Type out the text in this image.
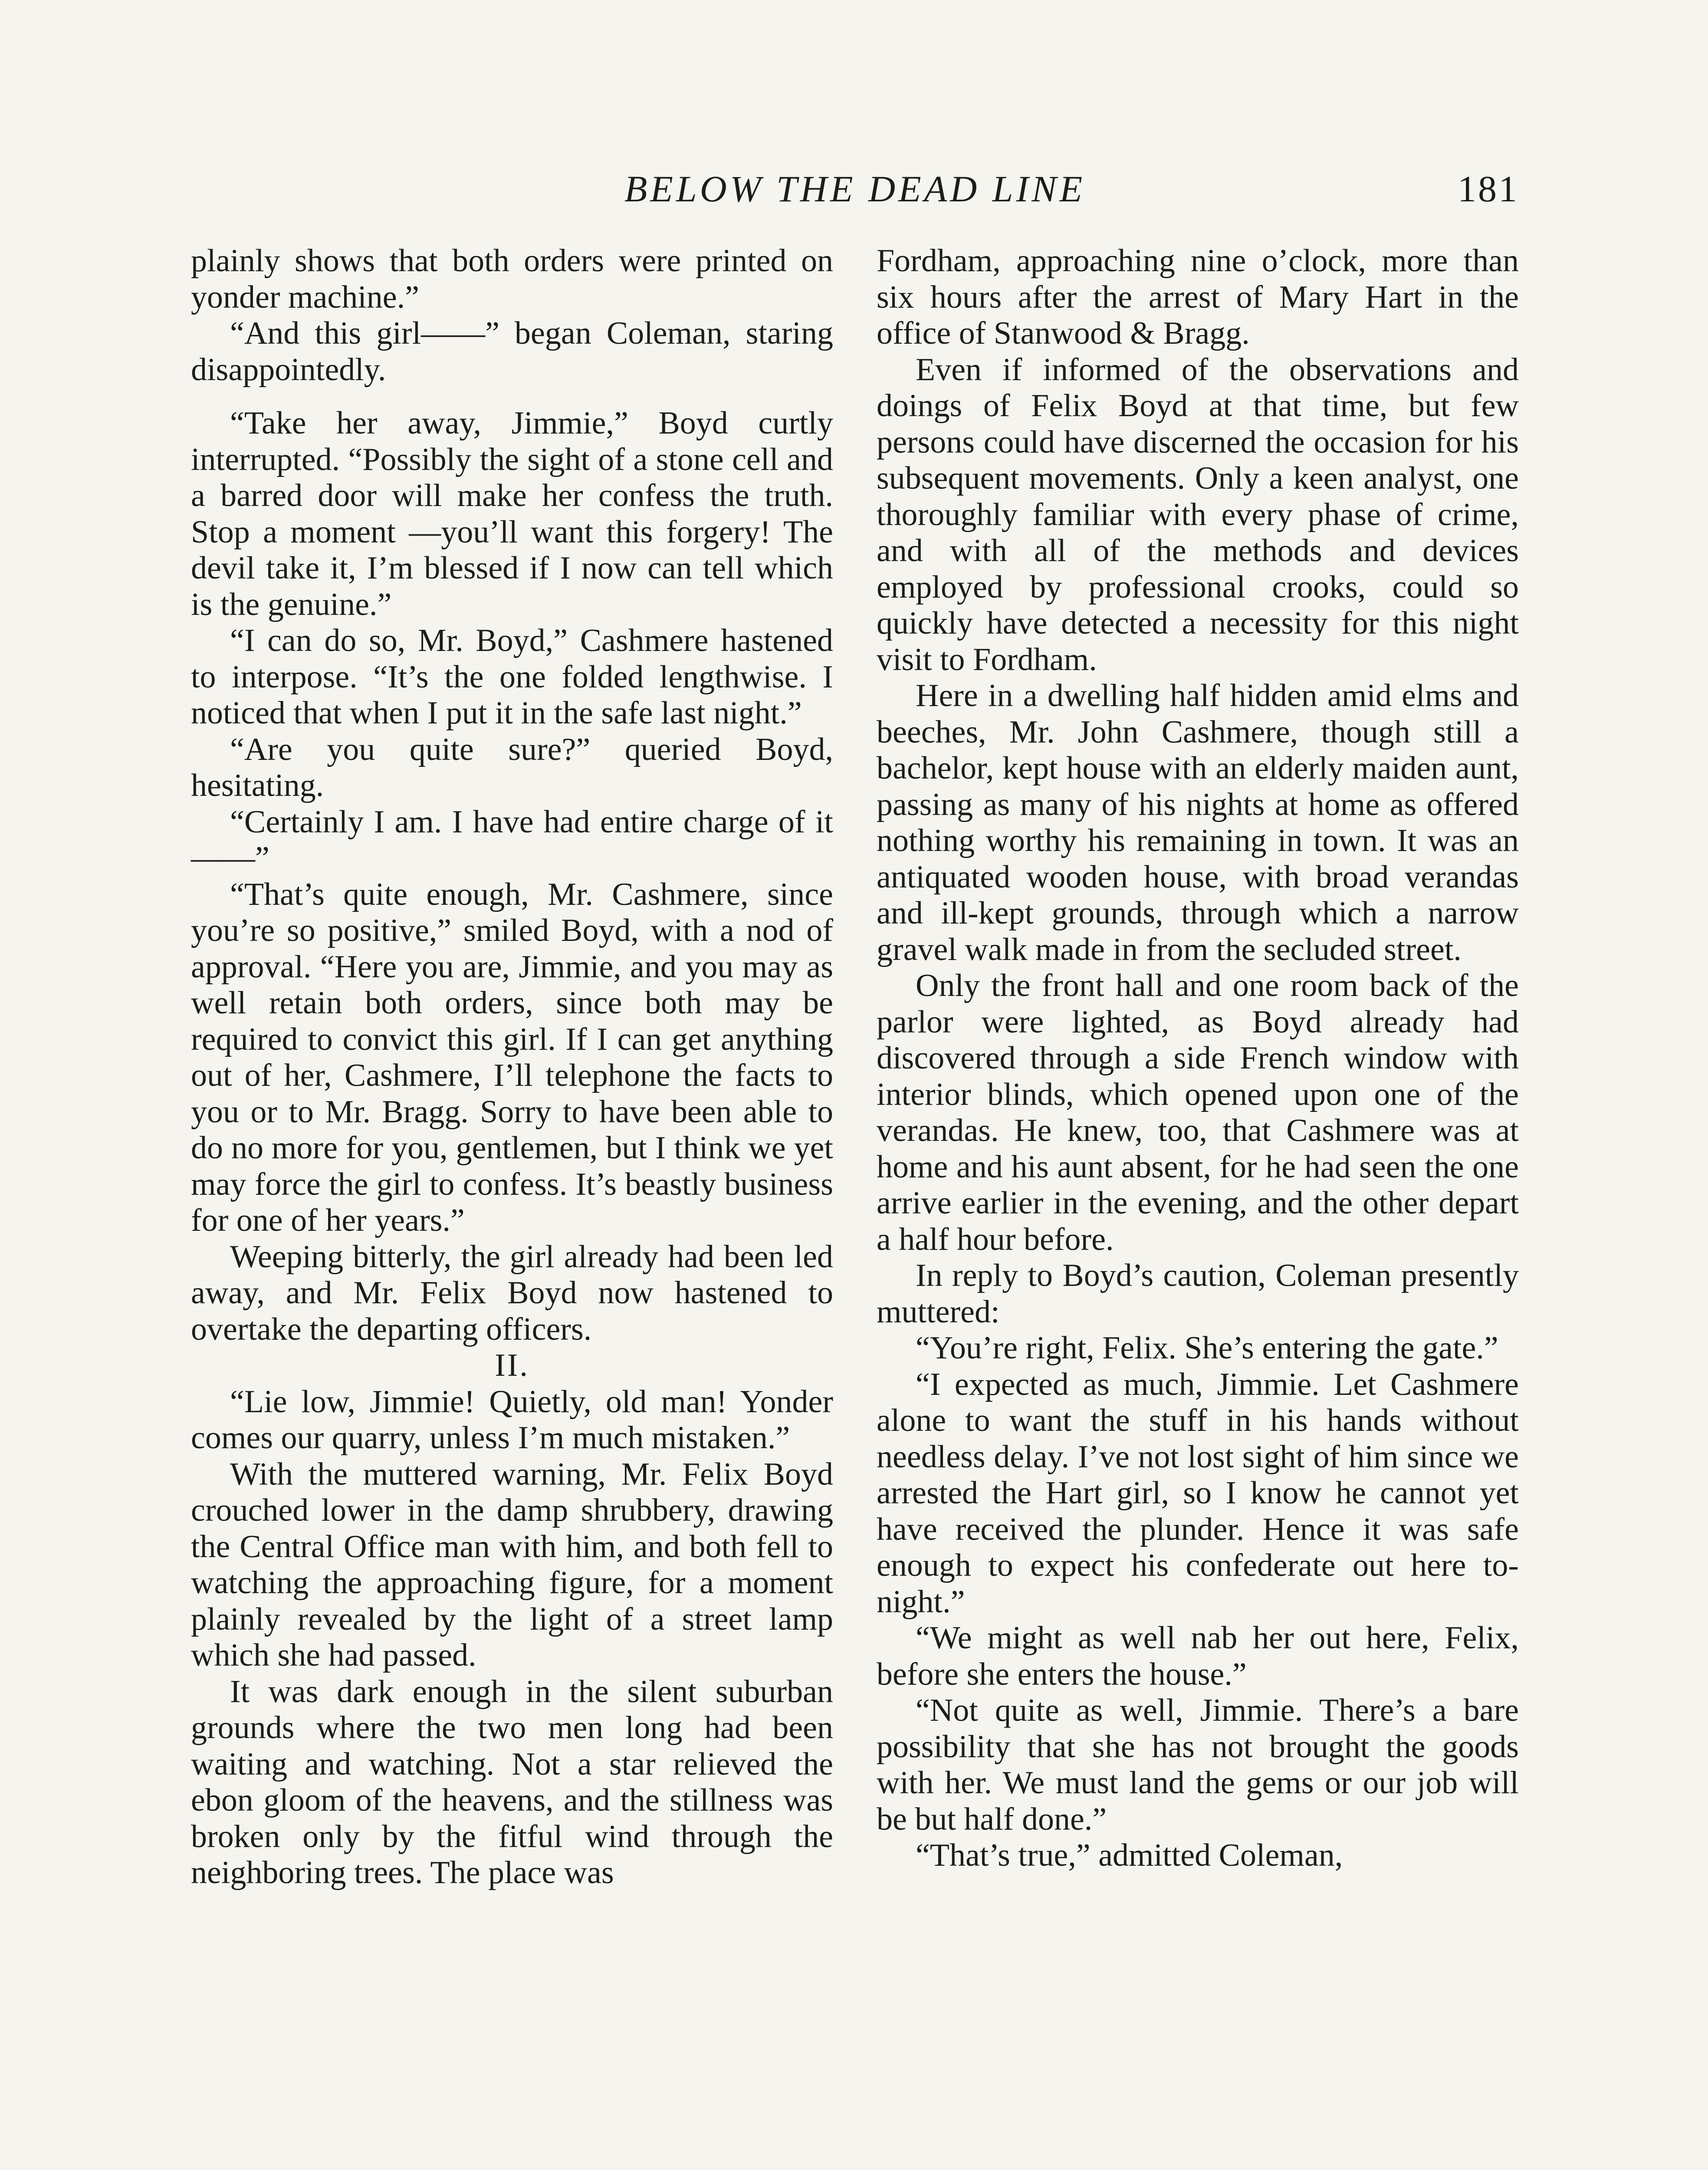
BELOW THE DEAD LINE	181

plainly shows that both orders were printed on yonder machine.”

“And this girl——” began Coleman, staring disappointedly.

“Take her away, Jimmie,” Boyd curtly interrupted. “Possibly the sight of a stone cell and a barred door will make her confess the truth. Stop a moment —you’ll want this forgery! The devil take it, I’m blessed if I now can tell which is the genuine.”

“I can do so, Mr. Boyd,” Cashmere hastened to interpose. “It’s the one folded lengthwise. I noticed that when I put it in the safe last night.”

“Are you quite sure?” queried Boyd, hesitating.

“Certainly I am. I have had entire charge of it——”

“That’s quite enough, Mr. Cashmere, since you’re so positive,” smiled Boyd, with a nod of approval. “Here you are, Jimmie, and you may as well retain both orders, since both may be required to convict this girl. If I can get anything out of her, Cashmere, I’ll telephone the facts to you or to Mr. Bragg. Sorry to have been able to do no more for you, gentlemen, but I think we yet may force the girl to confess. It’s beastly business for one of her years.”

Weeping bitterly, the girl already had been led away, and Mr. Felix Boyd now hastened to overtake the departing officers.

II.

“Lie low, Jimmie! Quietly, old man! Yonder comes our quarry, unless I’m much mistaken.”

With the muttered warning, Mr. Felix Boyd crouched lower in the damp shrubbery, drawing the Central Office man with him, and both fell to watching the approaching figure, for a moment plainly revealed by the light of a street lamp which she had passed.

It was dark enough in the silent suburban grounds where the two men long had been waiting and watching. Not a star relieved the ebon gloom of the heavens, and the stillness was broken only by the fitful wind through the neighboring trees. The place was

Fordham, approaching nine o’clock, more than six hours after the arrest of Mary Hart in the office of Stanwood & Bragg.

Even if informed of the observations and doings of Felix Boyd at that time, but few persons could have discerned the occasion for his subsequent movements. Only a keen analyst, one thoroughly familiar with every phase of crime, and with all of the methods and devices employed by professional crooks, could so quickly have detected a necessity for this night visit to Fordham.

Here in a dwelling half hidden amid elms and beeches, Mr. John Cashmere, though still a bachelor, kept house with an elderly maiden aunt, passing as many of his nights at home as offered nothing worthy his remaining in town. It was an antiquated wooden house, with broad verandas and ill-kept grounds, through which a narrow gravel walk made in from the secluded street.

Only the front hall and one room back of the parlor were lighted, as Boyd already had discovered through a side French window with interior blinds, which opened upon one of the verandas. He knew, too, that Cashmere was at home and his aunt absent, for he had seen the one arrive earlier in the evening, and the other depart a half hour before.

In reply to Boyd’s caution, Coleman presently muttered:

“You’re right, Felix. She’s entering the gate.”

“I expected as much, Jimmie. Let Cashmere alone to want the stuff in his hands without needless delay. I’ve not lost sight of him since we arrested the Hart girl, so I know he cannot yet have received the plunder. Hence it was safe enough to expect his confederate out here to-night.”

“We might as well nab her out here, Felix, before she enters the house.”

“Not quite as well, Jimmie. There’s a bare possibility that she has not brought the goods with her. We must land the gems or our job will be but half done.”

“That’s true,” admitted Coleman,
